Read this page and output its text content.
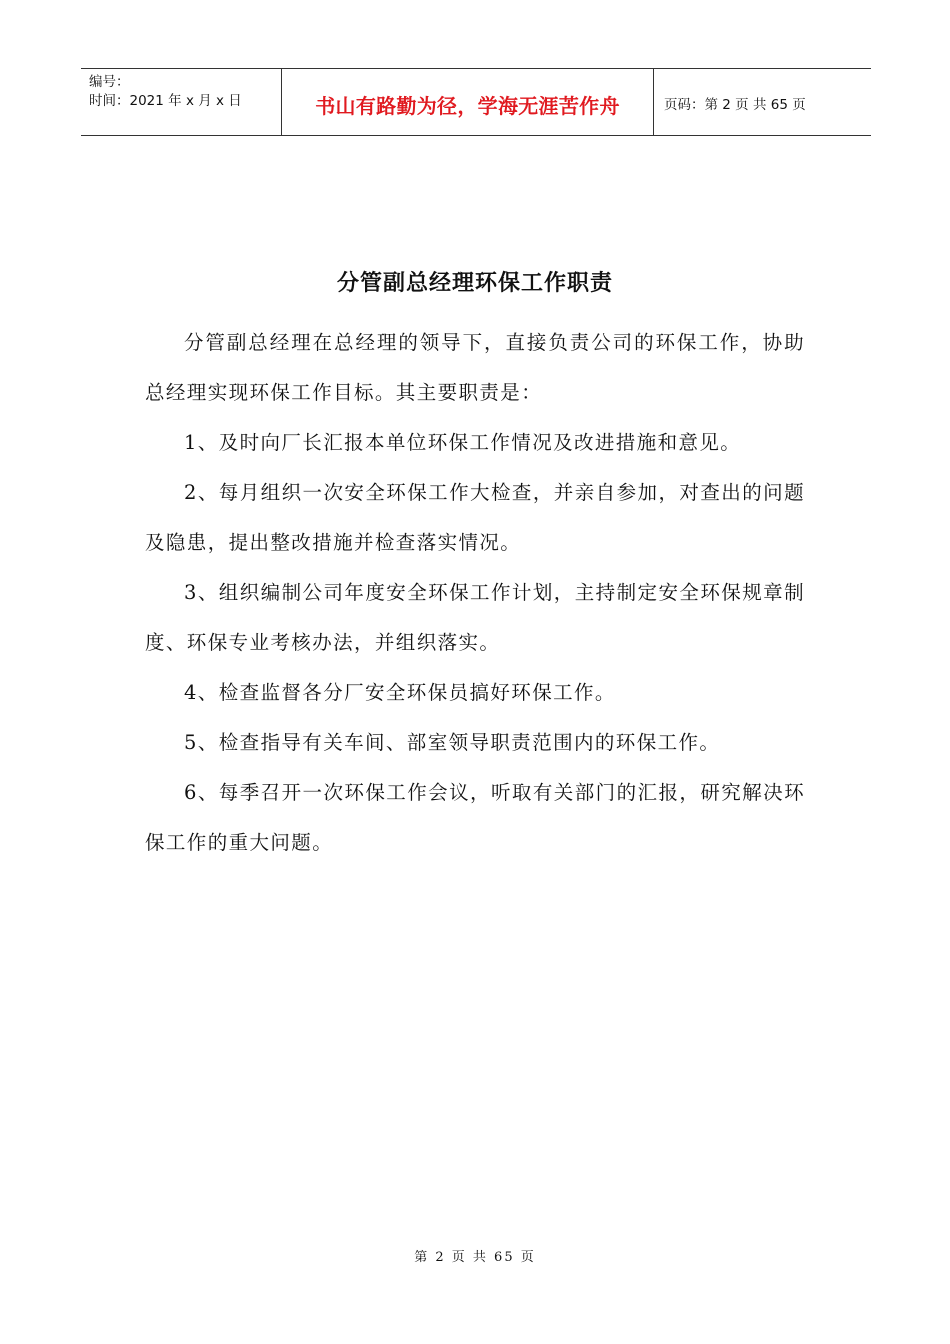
编号：
时间：2021 年 x 月 x 日	书山有路勤为径，学海无涯苦作舟	页码：第 2 页 共 65 页
分管副总经理环保工作职责

分管副总经理在总经理的领导下，直接负责公司的环保工作，协助总经理实现环保工作目标。其主要职责是：

1、及时向厂长汇报本单位环保工作情况及改进措施和意见。

2、每月组织一次安全环保工作大检查，并亲自参加，对查出的问题及隐患，提出整改措施并检查落实情况。

3、组织编制公司年度安全环保工作计划，主持制定安全环保规章制度、环保专业考核办法，并组织落实。

4、检查监督各分厂安全环保员搞好环保工作。

5、检查指导有关车间、部室领导职责范围内的环保工作。

6、每季召开一次环保工作会议，听取有关部门的汇报，研究解决环保工作的重大问题。

第 2 页 共 65 页
